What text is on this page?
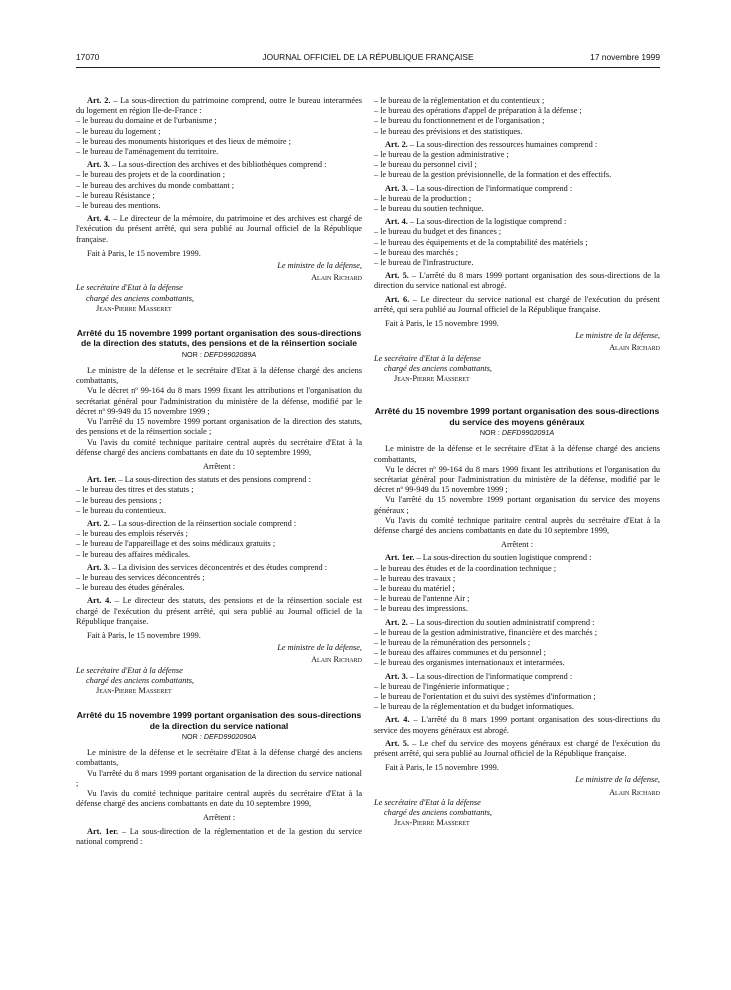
17070	JOURNAL OFFICIEL DE LA RÉPUBLIQUE FRANÇAISE	17 novembre 1999

Art. 2. – La sous-direction du patrimoine comprend, outre le bureau interarmées du logement en région Ile-de-France :

– le bureau du domaine et de l'urbanisme ;

– le bureau du logement ;

– le bureau des monuments historiques et des lieux de mémoire ;

– le bureau de l'aménagement du territoire.

Art. 3. – La sous-direction des archives et des bibliothèques comprend :

– le bureau des projets et de la coordination ;

– le bureau des archives du monde combattant ;

– le bureau Résistance ;

– le bureau des mentions.

Art. 4. – Le directeur de la mémoire, du patrimoine et des archives est chargé de l'exécution du présent arrêté, qui sera publié au Journal officiel de la République française.

Fait à Paris, le 15 novembre 1999.

Le ministre de la défense,

Alain Richard

Le secrétaire d'Etat à la défense

chargé des anciens combattants,

Jean-Pierre Masseret

Arrêté du 15 novembre 1999 portant organisation des sous-directions de la direction des statuts, des pensions et de la réinsertion sociale

NOR : DEFD9902089A

Le ministre de la défense et le secrétaire d'Etat à la défense chargé des anciens combattants,

Vu le décret nº 99-164 du 8 mars 1999 fixant les attributions et l'organisation du secrétariat général pour l'administration du ministère de la défense, modifié par le décret nº 99-949 du 15 novembre 1999 ;

Vu l'arrêté du 15 novembre 1999 portant organisation de la direction des statuts, des pensions et de la réinsertion sociale ;

Vu l'avis du comité technique paritaire central auprès du secrétaire d'Etat à la défense chargé des anciens combattants en date du 10 septembre 1999,

Arrêtent :

Art. 1er. – La sous-direction des statuts et des pensions comprend :

– le bureau des titres et des statuts ;

– le bureau des pensions ;

– le bureau du contentieux.

Art. 2. – La sous-direction de la réinsertion sociale comprend :

– le bureau des emplois réservés ;

– le bureau de l'appareillage et des soins médicaux gratuits ;

– le bureau des affaires médicales.

Art. 3. – La division des services déconcentrés et des études comprend :

– le bureau des services déconcentrés ;

– le bureau des études générales.

Art. 4. – Le directeur des statuts, des pensions et de la réinsertion sociale est chargé de l'exécution du présent arrêté, qui sera publié au Journal officiel de la République française.

Fait à Paris, le 15 novembre 1999.

Le ministre de la défense,

Alain Richard

Le secrétaire d'Etat à la défense

chargé des anciens combattants,

Jean-Pierre Masseret

Arrêté du 15 novembre 1999 portant organisation des sous-directions de la direction du service national

NOR : DEFD9902090A

Le ministre de la défense et le secrétaire d'Etat à la défense chargé des anciens combattants,

Vu l'arrêté du 8 mars 1999 portant organisation de la direction du service national ;

Vu l'avis du comité technique paritaire central auprès du secrétaire d'Etat à la défense chargé des anciens combattants en date du 10 septembre 1999,

Arrêtent :

Art. 1er. – La sous-direction de la réglementation et de la gestion du service national comprend :

– le bureau de la réglementation et du contentieux ;

– le bureau des opérations d'appel de préparation à la défense ;

– le bureau du fonctionnement et de l'organisation ;

– le bureau des prévisions et des statistiques.

Art. 2. – La sous-direction des ressources humaines comprend :

– le bureau de la gestion administrative ;

– le bureau du personnel civil ;

– le bureau de la gestion prévisionnelle, de la formation et des effectifs.

Art. 3. – La sous-direction de l'informatique comprend :

– le bureau de la production ;

– le bureau du soutien technique.

Art. 4. – La sous-direction de la logistique comprend :

– le bureau du budget et des finances ;

– le bureau des équipements et de la comptabilité des matériels ;

– le bureau des marchés ;

– le bureau de l'infrastructure.

Art. 5. – L'arrêté du 8 mars 1999 portant organisation des sous-directions de la direction du service national est abrogé.

Art. 6. – Le directeur du service national est chargé de l'exécution du présent arrêté, qui sera publié au Journal officiel de la République française.

Fait à Paris, le 15 novembre 1999.

Le ministre de la défense,

Alain Richard

Le secrétaire d'Etat à la défense

chargé des anciens combattants,

Jean-Pierre Masseret

Arrêté du 15 novembre 1999 portant organisation des sous-directions du service des moyens généraux

NOR : DEFD9902091A

Le ministre de la défense et le secrétaire d'Etat à la défense chargé des anciens combattants,

Vu le décret nº 99-164 du 8 mars 1999 fixant les attributions et l'organisation du secrétariat général pour l'administration du ministère de la défense, modifié par le décret nº 99-949 du 15 novembre 1999 ;

Vu l'arrêté du 15 novembre 1999 portant organisation du service des moyens généraux ;

Vu l'avis du comité technique paritaire central auprès du secrétaire d'Etat à la défense chargé des anciens combattants en date du 10 septembre 1999,

Arrêtent :

Art. 1er. – La sous-direction du soutien logistique comprend :

– le bureau des études et de la coordination technique ;

– le bureau des travaux ;

– le bureau du matériel ;

– le bureau de l'antenne Air ;

– le bureau des impressions.

Art. 2. – La sous-direction du soutien administratif comprend :

– le bureau de la gestion administrative, financière et des marchés ;

– le bureau de la rémunération des personnels ;

– le bureau des affaires communes et du personnel ;

– le bureau des organismes internationaux et interarmées.

Art. 3. – La sous-direction de l'informatique comprend :

– le bureau de l'ingénierie informatique ;

– le bureau de l'orientation et du suivi des systèmes d'information ;

– le bureau de la réglementation et du budget informatiques.

Art. 4. – L'arrêté du 8 mars 1999 portant organisation des sous-directions du service des moyens généraux est abrogé.

Art. 5. – Le chef du service des moyens généraux est chargé de l'exécution du présent arrêté, qui sera publié au Journal officiel de la République française.

Fait à Paris, le 15 novembre 1999.

Le ministre de la défense,

Alain Richard

Le secrétaire d'Etat à la défense

chargé des anciens combattants,

Jean-Pierre Masseret
